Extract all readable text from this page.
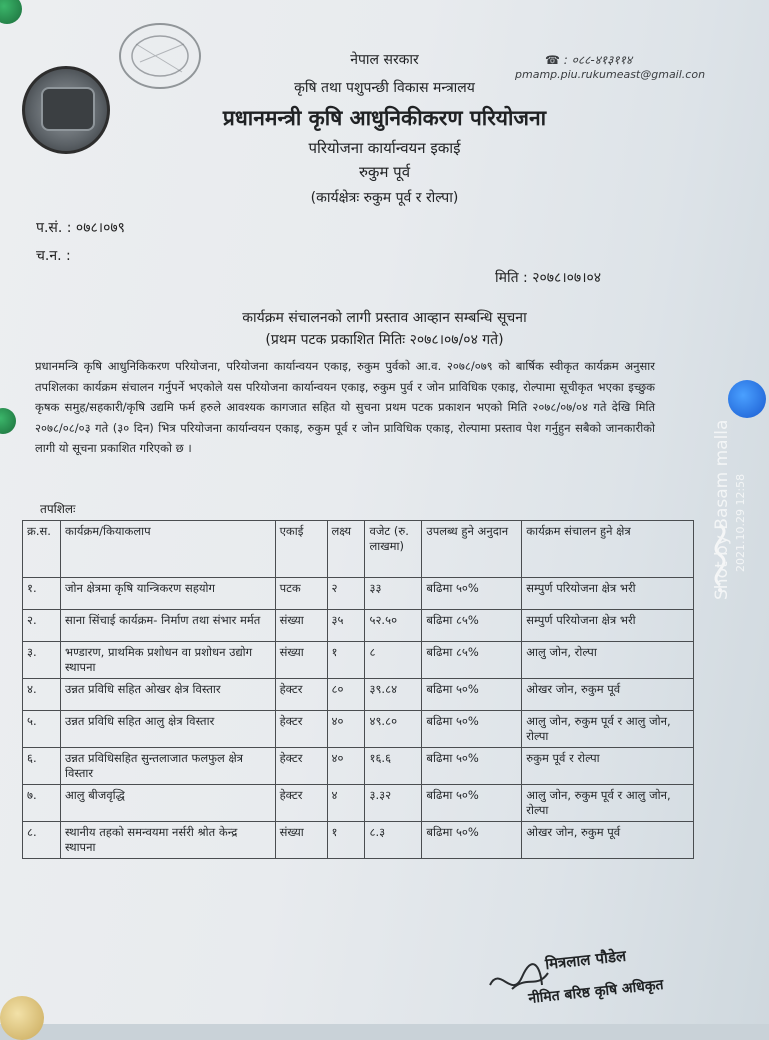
नेपाल सरकार
कृषि तथा पशुपन्छी विकास मन्त्रालय
प्रधानमन्त्री कृषि आधुनिकीकरण परियोजना
परियोजना कार्यान्वयन इकाई
रुकुम पूर्व
(कार्यक्षेत्रः रुकुम पूर्व र रोल्पा)
☎ : ०८८-४१३११४
pmamp.piu.rukumeast@gmail.con
प.सं. : ०७८।०७९
च.न. :
मिति : २०७८।०७।०४
कार्यक्रम संचालनको लागी प्रस्ताव आव्हान सम्बन्धि सूचना
(प्रथम पटक प्रकाशित मितिः २०७८।०७/०४ गते)
प्रधानमन्त्रि कृषि आधुनिकिकरण परियोजना, परियोजना कार्यान्वयन एकाइ, रुकुम पुर्वको आ.व. २०७८/०७९ को बार्षिक स्वीकृत कार्यक्रम अनुसार तपशिलका कार्यक्रम संचालन गर्नुपर्ने भएकोले यस परियोजना कार्यान्वयन एकाइ, रुकुम पुर्व र जोन प्राविधिक एकाइ, रोल्पामा सूचीकृत भएका इच्छुक कृषक समुह/सहकारी/कृषि उद्यमि फर्म हरुले आवश्यक कागजात सहित यो सुचना प्रथम पटक प्रकाशन भएको मिति २०७८/०७/०४ गते देखि मिति २०७८/०८/०३ गते (३० दिन) भित्र परियोजना कार्यान्वयन एकाइ, रुकुम पूर्व र जोन प्राविधिक एकाइ, रोल्पामा प्रस्ताव पेश गर्नुहुन सबैको जानकारीको लागी यो सूचना प्रकाशित गरिएको छ ।
तपशिलः
क्र.स.	कार्यक्रम/कियाकलाप	एकाई	लक्ष्य	वजेट (रु. लाखमा)	उपलब्ध हुने अनुदान	कार्यक्रम संचालन हुने क्षेत्र
१.	जोन क्षेत्रमा कृषि यान्त्रिकरण सहयोग	पटक	२	३३	बढिमा ५०%	सम्पुर्ण परियोजना क्षेत्र भरी
२.	साना सिंचाई कार्यक्रम- निर्माण तथा संभार मर्मत	संख्या	३५	५२.५०	बढिमा ८५%	सम्पुर्ण परियोजना क्षेत्र भरी
३.	भण्डारण, प्राथमिक प्रशोधन वा प्रशोधन उद्योग स्थापना	संख्या	१	८	बढिमा ८५%	आलु जोन, रोल्पा
४.	उन्नत प्रविधि सहित ओखर क्षेत्र विस्तार	हेक्टर	८०	३९.८४	बढिमा ५०%	ओखर जोन, रुकुम पूर्व
५.	उन्नत प्रविधि सहित आलु क्षेत्र विस्तार	हेक्टर	४०	४९.८०	बढिमा ५०%	आलु जोन, रुकुम पूर्व र आलु जोन, रोल्पा
६.	उन्नत प्रविधिसहित सुन्तलाजात फलफुल क्षेत्र विस्तार	हेक्टर	४०	१६.६	बढिमा ५०%	रुकुम पूर्व र रोल्पा
७.	आलु बीजवृद्धि	हेक्टर	४	३.३२	बढिमा ५०%	आलु जोन, रुकुम पूर्व र आलु जोन, रोल्पा
८.	स्थानीय तहको समन्वयमा नर्सरी श्रोत केन्द्र स्थापना	संख्या	१	८.३	बढिमा ५०%	ओखर जोन, रुकुम पूर्व
मित्रलाल पौडेल
नीमित बरिष्ठ कृषि अधिकृत
Shot by Basam malla 2021.10.29 12:58
